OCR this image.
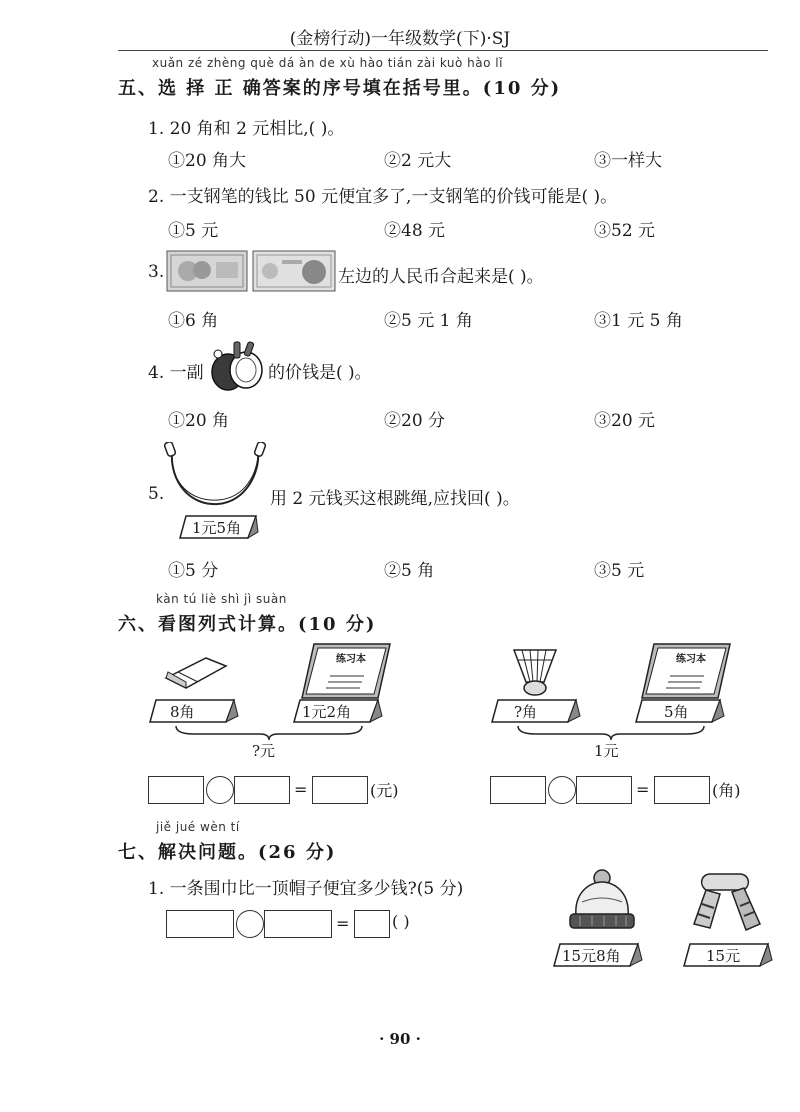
(金榜行动)一年级数学(下)·SJ
xuǎn zé zhèng què dá àn de xù hào tián zài kuò hào lǐ
五、选 择 正 确答案的序号填在括号里。(10 分)
1. 20 角和 2 元相比,( )。
①20 角大	②2 元大	③一样大
2. 一支钢笔的钱比 50 元便宜多了,一支钢笔的价钱可能是( )。
①5 元	②48 元	③52 元
3.	左边的人民币合起来是( )。
①6 角	②5 元 1 角	③1 元 5 角
4. 一副	的价钱是( )。
①20 角	②20 分	③20 元
5.
1元5角
用 2 元钱买这根跳绳,应找回( )。
①5 分	②5 角	③5 元
kàn tú liè shì jì suàn
六、看图列式计算。(10 分)
练习本
8角	1元2角
?元
=	(元)
练习本
?角	5角
1元
=	(角)
jiě jué wèn tí
七、解决问题。(26 分)
1. 一条围巾比一顶帽子便宜多少钱?(5 分)
=	( )
15元8角	15元
· 90 ·
